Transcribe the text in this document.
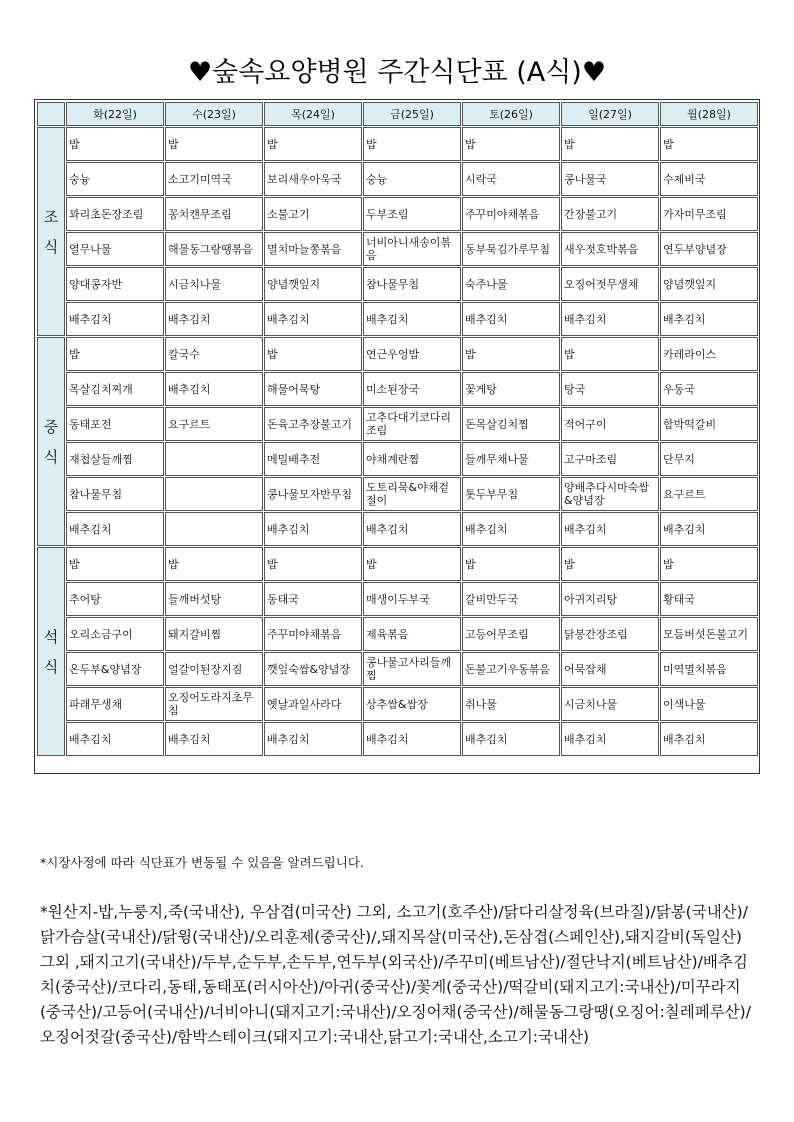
♥숲속요양병원 주간식단표 (A식)♥
	화(22일)	수(23일)	목(24일)	금(25일)	토(26일)	일(27일)	월(28일)
조식	밥	밥	밥	밥	밥	밥	밥
	숭늉	소고기미역국	보리새우아욱국	숭늉	시락국	콩나물국	수제비국
	꽈리초돈장조림	꽁치캔무조림	소불고기	두부조림	주꾸미야채볶음	간장불고기	가자미무조림
	열무나물	해물동그랑땡볶음	멸치마늘쫑볶음	너비아니새송이볶음	동부묵김가루무침	새우젓호박볶음	연두부양념장
	양대콩자반	시금치나물	양념깻잎지	참나물무침	숙주나물	오징어젓무생채	양념깻잎지
	배추김치	배추김치	배추김치	배추김치	배추김치	배추김치	배추김치
중식	밥	칼국수	밥	연근우엉밥	밥	밥	카레라이스
	목살김치찌개	배추김치	해물어묵탕	미소된장국	꽃게탕	탕국	우동국
	동태포전	요구르트	돈육고추장불고기	고추다대기코다리조림	돈목살김치찜	적어구이	함박떡갈비
	재첩살들깨찜		메밀배추전	야채계란찜	들깨무채나물	고구마조림	단무지
	참나물무침		콩나물모자반무침	도토리묵&야채겉절이	톳두부무침	양배추다시마숙쌈&양념장	요구르트
	배추김치		배추김치	배추김치	배추김치	배추김치	배추김치
석식	밥	밥	밥	밥	밥	밥	밥
	추어탕	들깨버섯탕	동태국	매생이두부국	갈비만두국	아귀지리탕	황태국
	오리소금구이	돼지갈비찜	주꾸미야채볶음	제육볶음	고등어무조림	닭봉간장조림	모듬버섯돈불고기
	온두부&양념장	얼갈이된장지짐	깻잎숙쌈&양념장	콩나물고사리들깨찜	돈불고기우동볶음	어묵잡채	미역멸치볶음
	파래무생채	오징어도라지초무침	옛날과일사라다	상추쌈&쌈장	취나물	시금치나물	이색나물
	배추김치	배추김치	배추김치	배추김치	배추김치	배추김치	배추김치
*시장사정에 따라 식단표가 변동될 수 있음을 알려드립니다.
*원산지-밥,누룽지,죽(국내산), 우삼겹(미국산) 그외, 소고기(호주산)/닭다리살정육(브라질)/닭봉(국내산)/닭가슴살(국내산)/닭윙(국내산)/오리훈제(중국산)/,돼지목살(미국산),돈삼겹(스페인산),돼지갈비(독일산) 그외 ,돼지고기(국내산)/두부,순두부,손두부,연두부(외국산)/주꾸미(베트남산)/절단낙지(베트남산)/배추김치(중국산)/코다리,동태,동태포(러시아산)/아귀(중국산)/꽃게(중국산)/떡갈비(돼지고기:국내산)/미꾸라지(중국산)/고등어(국내산)/너비아니(돼지고기:국내산)/오징어채(중국산)/해물동그랑땡(오징어:칠레페루산)/오징어젓갈(중국산)/함박스테이크(돼지고기:국내산,닭고기:국내산,소고기:국내산)
